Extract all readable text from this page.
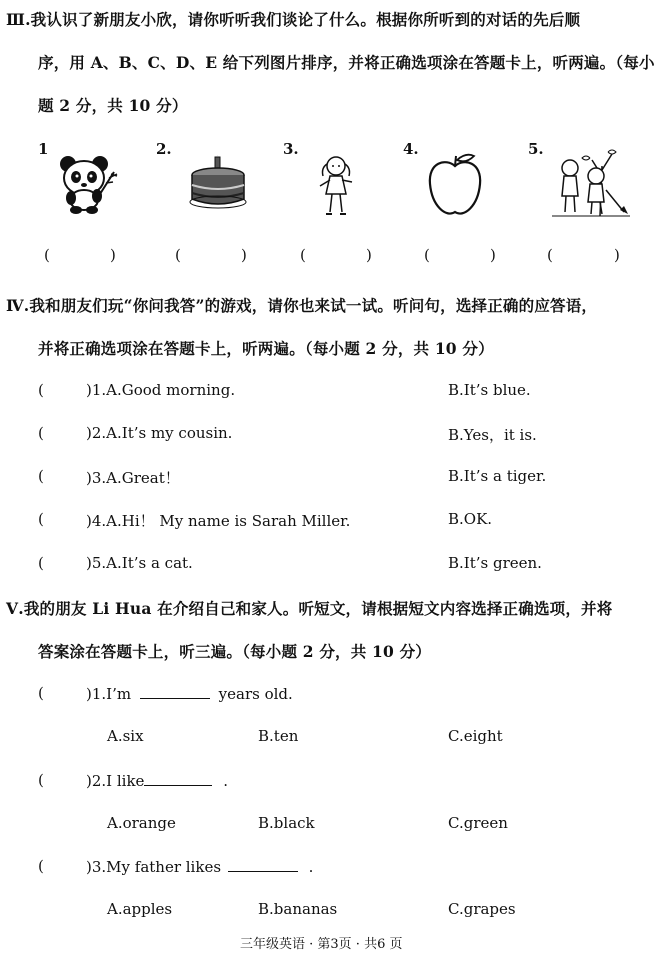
Ⅲ.我认识了新朋友小欣，请你听听我们谈论了什么。根据你所听到的对话的先后顺
序，用 A、B、C、D、E 给下列图片排序，并将正确选项涂在答题卡上，听两遍。（每小
题 2 分，共 10 分）
1	2.	3.	4.	5.
(	)	(	)	(	)	(	)	(	)
Ⅳ.我和朋友们玩“你问我答”的游戏，请你也来试一试。听问句，选择正确的应答语，
并将正确选项涂在答题卡上，听两遍。（每小题 2 分，共 10 分）
(	)1.A.Good morning.	B.It’s blue.
(	)2.A.It’s my cousin.	B.Yes，it is.
(	)3.A.Great！	B.It’s a tiger.
(	)4.A.Hi！ My name is Sarah Miller.	B.OK.
(	)5.A.It’s a cat.	B.It’s green.
Ⅴ.我的朋友 Li Hua 在介绍自己和家人。听短文，请根据短文内容选择正确选项，并将
答案涂在答题卡上，听三遍。（每小题 2 分，共 10 分）
(	)1.I’m	years old.
A.six	B.ten	C.eight
(	)2.I like	.
A.orange	B.black	C.green
(	)3.My father likes	.
A.apples	B.bananas	C.grapes
三年级英语 · 第3页 · 共6 页
